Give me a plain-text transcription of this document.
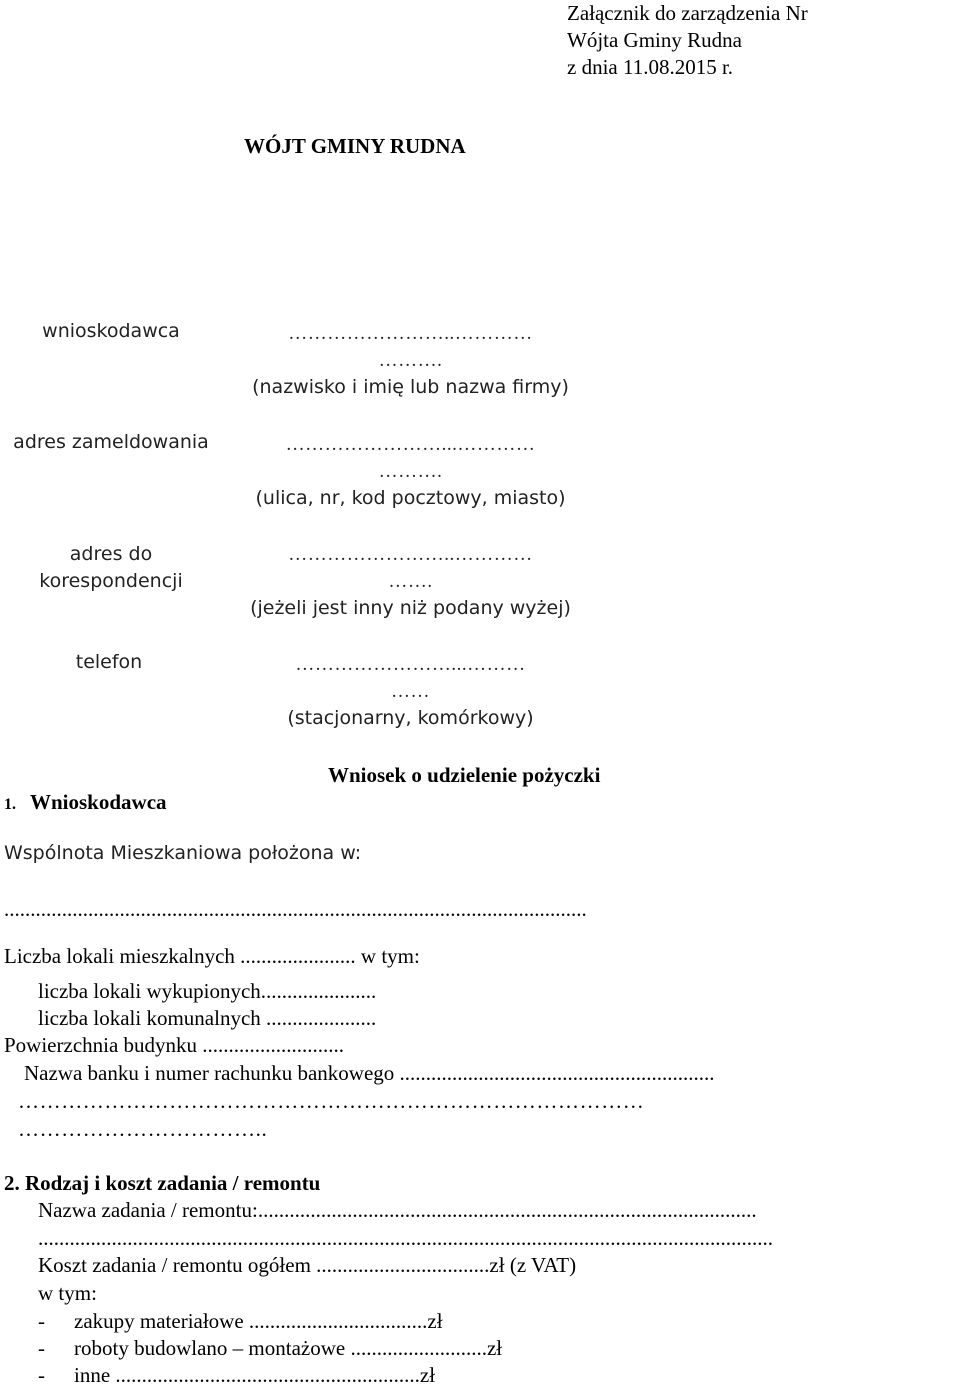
Załącznik do zarządzenia Nr
Wójta Gminy Rudna
z dnia 11.08.2015 r.
WÓJT GMINY RUDNA
wnioskodawca	……………………..…………
……….
(nazwisko i imię lub nazwa firmy)
adres zameldowania	……………………...…………
……….
(ulica, nr, kod pocztowy, miasto)
adres do
korespondencji
……………………..…………
…….
(jeżeli jest inny niż podany wyżej)
telefon	……………………...………
……
(stacjonarny, komórkowy)
Wniosek o udzielenie pożyczki
1. Wnioskodawca
Wspólnota Mieszkaniowa położona w:
...............................................................................................................
Liczba lokali mieszkalnych ...................... w tym:
liczba lokali wykupionych......................
liczba lokali komunalnych .....................
Powierzchnia budynku ...........................
Nazwa banku i numer rachunku bankowego ............................................................
……………………………………………………………………………
……………………………..
2. Rodzaj i koszt zadania / remontu
Nazwa zadania / remontu:...............................................................................................
............................................................................................................................................
Koszt zadania / remontu ogółem .................................zł (z VAT)
w tym:
- zakupy materiałowe ..................................zł
- roboty budowlano – montażowe ..........................zł
- inne ..........................................................zł
